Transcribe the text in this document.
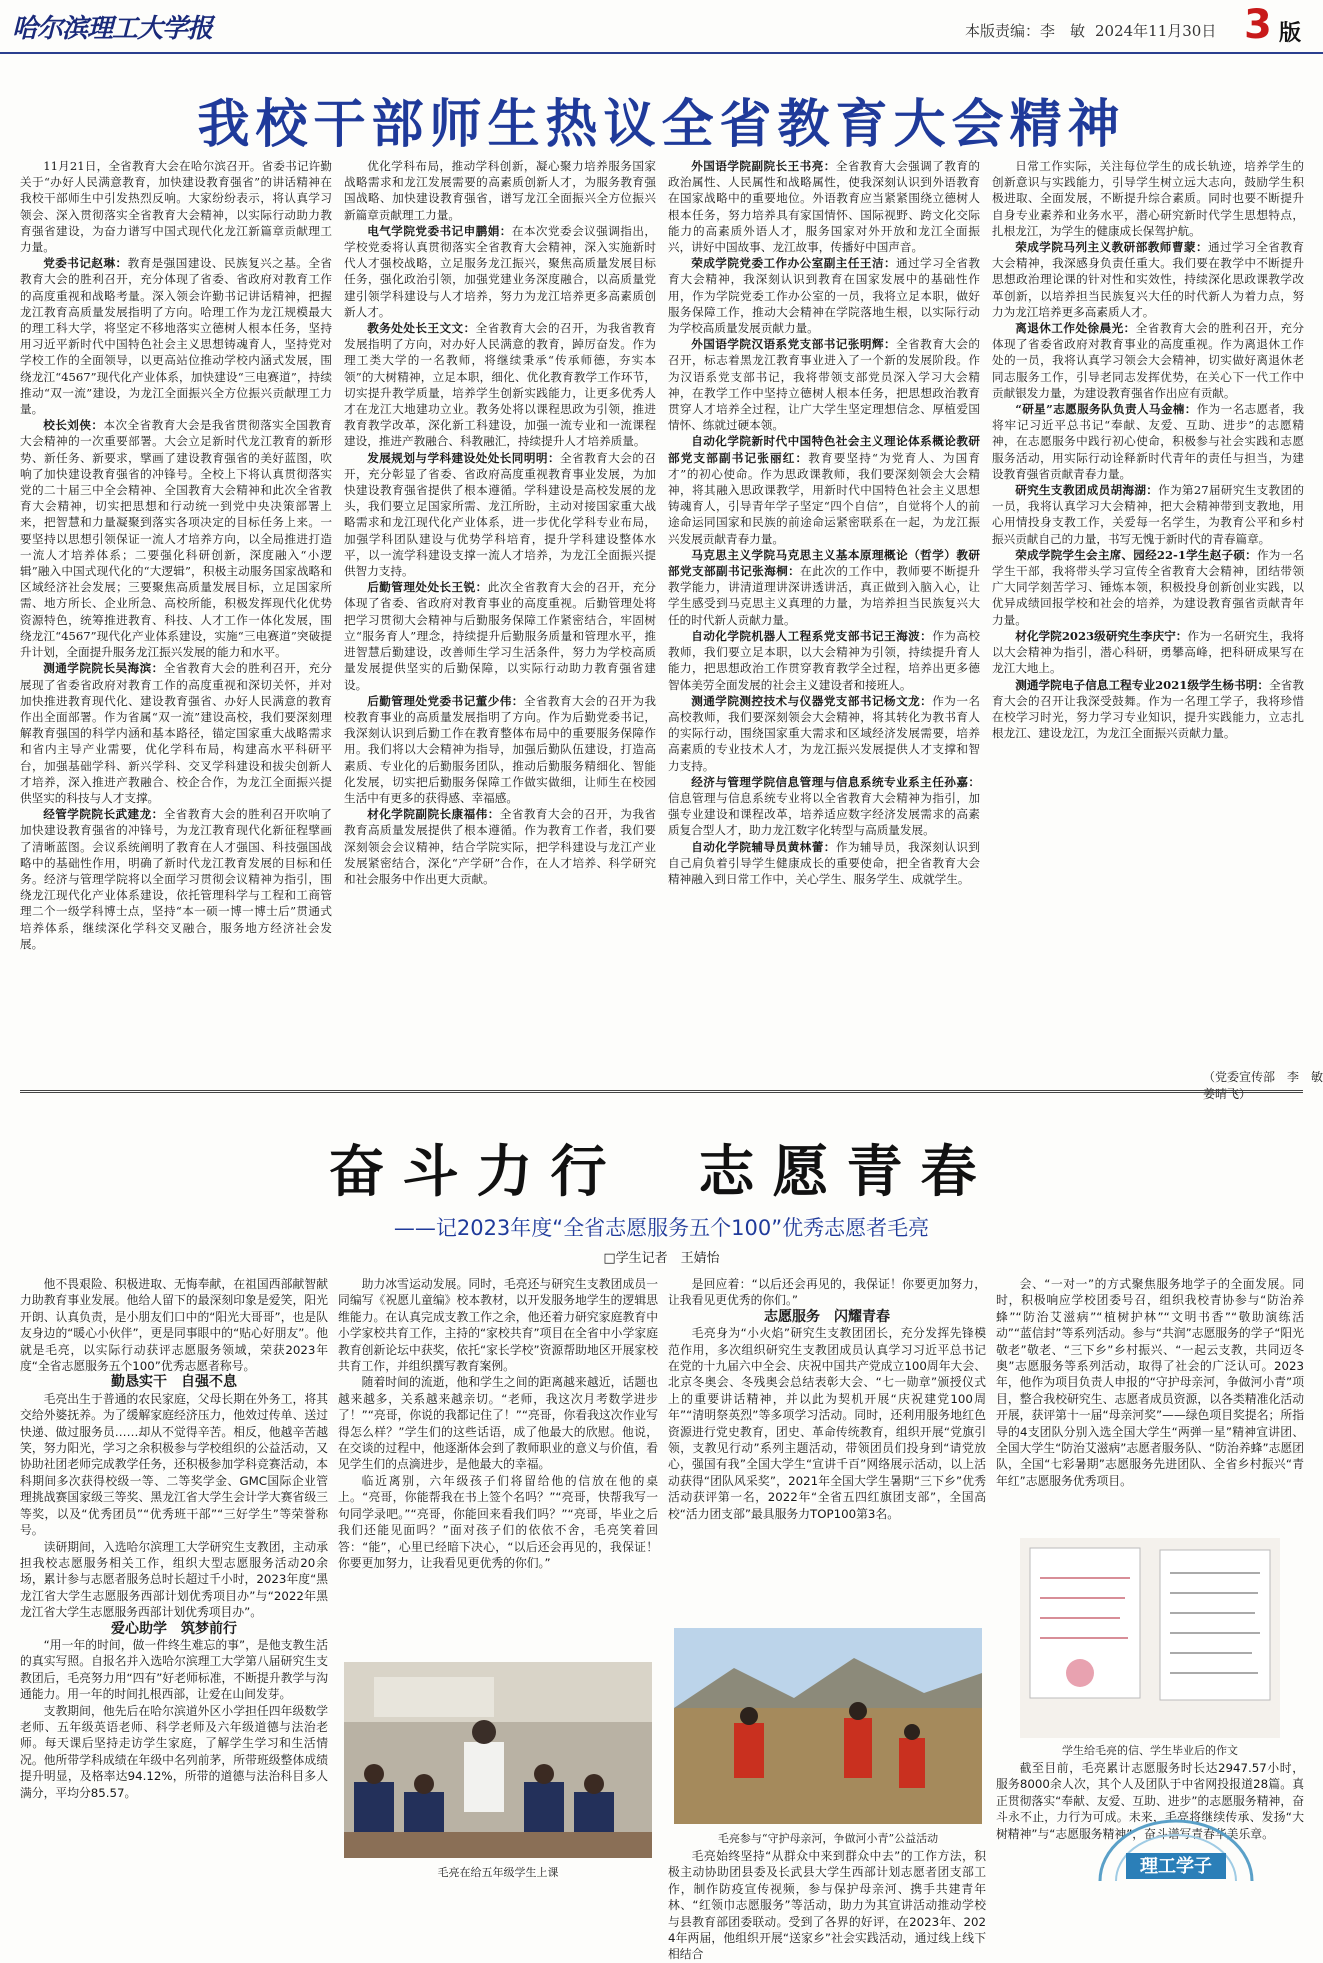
哈尔滨理工大学报	本版责编：李　敏 2024年11月30日 3 版
我校干部师生热议全省教育大会精神

11月21日，全省教育大会在哈尔滨召开。省委书记许勤关于“办好人民满意教育，加快建设教育强省”的讲话精神在我校干部师生中引发热烈反响。大家纷纷表示，将认真学习领会、深入贯彻落实全省教育大会精神，以实际行动助力教育强省建设，为奋力谱写中国式现代化龙江新篇章贡献理工力量。

党委书记赵琳：教育是强国建设、民族复兴之基。全省教育大会的胜利召开，充分体现了省委、省政府对教育工作的高度重视和战略考量。深入领会许勤书记讲话精神，把握龙江教育高质量发展指明了方向。哈理工作为龙江规模最大的理工科大学，将坚定不移地落实立德树人根本任务，坚持用习近平新时代中国特色社会主义思想铸魂育人，坚持党对学校工作的全面领导，以更高站位推动学校内涵式发展，围绕龙江“4567”现代化产业体系，加快建设“三电赛道”，持续推动“双一流”建设，为龙江全面振兴全方位振兴贡献理工力量。

校长刘侠：本次全省教育大会是我省贯彻落实全国教育大会精神的一次重要部署。大会立足新时代龙江教育的新形势、新任务、新要求，擘画了建设教育强省的美好蓝图，吹响了加快建设教育强省的冲锋号。全校上下将认真贯彻落实党的二十届三中全会精神、全国教育大会精神和此次全省教育大会精神，切实把思想和行动统一到党中央决策部署上来，把智慧和力量凝聚到落实各项决定的目标任务上来。一要坚持以思想引领保证一流人才培养方向，以全局推进打造一流人才培养体系；二要强化科研创新，深度融入“小逻辑”融入中国式现代化的“大逻辑”，积极主动服务国家战略和区域经济社会发展；三要聚焦高质量发展目标，立足国家所需、地方所长、企业所急、高校所能，积极发挥现代化优势资源特色，统筹推进教育、科技、人才工作一体化发展，围绕龙江“4567”现代化产业体系建设，实施“三电赛道”突破提升计划，全面提升服务龙江振兴发展的能力和水平。

测通学院院长吴海滨：全省教育大会的胜利召开，充分展现了省委省政府对教育工作的高度重视和深切关怀，并对加快推进教育现代化、建设教育强省、办好人民满意的教育作出全面部署。作为省属“双一流”建设高校，我们要深刻理解教育强国的科学内涵和基本路径，锚定国家重大战略需求和省内主导产业需要，优化学科布局，构建高水平科研平台，加强基础学科、新兴学科、交叉学科建设和拔尖创新人才培养，深入推进产教融合、校企合作，为龙江全面振兴提供坚实的科技与人才支撑。

经管学院院长武建龙：全省教育大会的胜利召开吹响了加快建设教育强省的冲锋号，为龙江教育现代化新征程擘画了清晰蓝图。会议系统阐明了教育在人才强国、科技强国战略中的基础性作用，明确了新时代龙江教育发展的目标和任务。经济与管理学院将以全面学习贯彻会议精神为指引，围绕龙江现代化产业体系建设，依托管理科学与工程和工商管理二个一级学科博士点，坚持“本一硕一博一博士后”贯通式培养体系，继续深化学科交叉融合，服务地方经济社会发展。

优化学科布局，推动学科创新，凝心聚力培养服务国家战略需求和龙江发展需要的高素质创新人才，为服务教育强国战略、加快建设教育强省，谱写龙江全面振兴全方位振兴新篇章贡献理工力量。

电气学院党委书记申鹏娟：在本次党委会议强调指出，学校党委将认真贯彻落实全省教育大会精神，深入实施新时代人才强校战略，立足服务龙江振兴，聚焦高质量发展目标任务，强化政治引领，加强党建业务深度融合，以高质量党建引领学科建设与人才培养，努力为龙江培养更多高素质创新人才。

教务处处长王文文：全省教育大会的召开，为我省教育发展指明了方向，对办好人民满意的教育，踔厉奋发。作为理工类大学的一名教师，将继续秉承“传承师德，夯实本领”的大树精神，立足本职，细化、优化教育教学工作环节，切实提升教学质量，培养学生创新实践能力，让更多优秀人才在龙江大地建功立业。教务处将以课程思政为引领，推进教育教学改革，深化新工科建设，加强一流专业和一流课程建设，推进产教融合、科教融汇，持续提升人才培养质量。

发展规划与学科建设处处长同明明：全省教育大会的召开，充分彰显了省委、省政府高度重视教育事业发展，为加快建设教育强省提供了根本遵循。学科建设是高校发展的龙头，我们要立足国家所需、龙江所盼，主动对接国家重大战略需求和龙江现代化产业体系，进一步优化学科专业布局，加强学科团队建设与优势学科培育，提升学科建设整体水平，以一流学科建设支撑一流人才培养，为龙江全面振兴提供智力支持。

后勤管理处处长王锐：此次全省教育大会的召开，充分体现了省委、省政府对教育事业的高度重视。后勤管理处将把学习贯彻大会精神与后勤服务保障工作紧密结合，牢固树立“服务育人”理念，持续提升后勤服务质量和管理水平，推进智慧后勤建设，改善师生学习生活条件，努力为学校高质量发展提供坚实的后勤保障，以实际行动助力教育强省建设。

后勤管理处党委书记董少伟：全省教育大会的召开为我校教育事业的高质量发展指明了方向。作为后勤党委书记，我深刻认识到后勤工作在教育整体布局中的重要服务保障作用。我们将以大会精神为指导，加强后勤队伍建设，打造高素质、专业化的后勤服务团队，推动后勤服务精细化、智能化发展，切实把后勤服务保障工作做实做细，让师生在校园生活中有更多的获得感、幸福感。

材化学院副院长康福伟：全省教育大会的召开，为我省教育高质量发展提供了根本遵循。作为教育工作者，我们要深刻领会会议精神，结合学院实际，把学科建设与龙江产业发展紧密结合，深化“产学研”合作，在人才培养、科学研究和社会服务中作出更大贡献。

外国语学院副院长王书亮：全省教育大会强调了教育的政治属性、人民属性和战略属性，使我深刻认识到外语教育在国家战略中的重要地位。外语教育应当紧紧围绕立德树人根本任务，努力培养具有家国情怀、国际视野、跨文化交际能力的高素质外语人才，服务国家对外开放和龙江全面振兴，讲好中国故事、龙江故事，传播好中国声音。

荣成学院党委工作办公室副主任王洁：通过学习全省教育大会精神，我深刻认识到教育在国家发展中的基础性作用，作为学院党委工作办公室的一员，我将立足本职，做好服务保障工作，推动大会精神在学院落地生根，以实际行动为学校高质量发展贡献力量。

外国语学院汉语系党支部书记张明辉：全省教育大会的召开，标志着黑龙江教育事业进入了一个新的发展阶段。作为汉语系党支部书记，我将带领支部党员深入学习大会精神，在教学工作中坚持立德树人根本任务，把思想政治教育贯穿人才培养全过程，让广大学生坚定理想信念、厚植爱国情怀、练就过硬本领。

自动化学院新时代中国特色社会主义理论体系概论教研部党支部副书记张丽红：教育要坚持“为党育人、为国育才”的初心使命。作为思政课教师，我们要深刻领会大会精神，将其融入思政课教学，用新时代中国特色社会主义思想铸魂育人，引导青年学子坚定“四个自信”，自觉将个人的前途命运同国家和民族的前途命运紧密联系在一起，为龙江振兴发展贡献青春力量。

马克思主义学院马克思主义基本原理概论（哲学）教研部党支部副书记张海桐：在此次的工作中，教师要不断提升教学能力，讲清道理讲深讲透讲活，真正做到入脑入心，让学生感受到马克思主义真理的力量，为培养担当民族复兴大任的时代新人贡献力量。

自动化学院机器人工程系党支部书记王海波：作为高校教师，我们要立足本职，以大会精神为引领，持续提升育人能力，把思想政治工作贯穿教育教学全过程，培养出更多德智体美劳全面发展的社会主义建设者和接班人。

测通学院测控技术与仪器党支部书记杨文龙：作为一名高校教师，我们要深刻领会大会精神，将其转化为教书育人的实际行动，围绕国家重大需求和区域经济发展需要，培养高素质的专业技术人才，为龙江振兴发展提供人才支撑和智力支持。

经济与管理学院信息管理与信息系统专业系主任孙嘉：信息管理与信息系统专业将以全省教育大会精神为指引，加强专业建设和课程改革，培养适应数字经济发展需求的高素质复合型人才，助力龙江数字化转型与高质量发展。

自动化学院辅导员黄林蕾：作为辅导员，我深刻认识到自己肩负着引导学生健康成长的重要使命，把全省教育大会精神融入到日常工作中，关心学生、服务学生、成就学生。

日常工作实际，关注每位学生的成长轨迹，培养学生的创新意识与实践能力，引导学生树立远大志向，鼓励学生积极进取、全面发展，不断提升综合素质。同时也要不断提升自身专业素养和业务水平，潜心研究新时代学生思想特点，扎根龙江，为学生的健康成长保驾护航。

荣成学院马列主义教研部教师曹蒙：通过学习全省教育大会精神，我深感身负责任重大。我们要在教学中不断提升思想政治理论课的针对性和实效性，持续深化思政课教学改革创新，以培养担当民族复兴大任的时代新人为着力点，努力为龙江培养更多高素质人才。

离退休工作处徐晨光：全省教育大会的胜利召开，充分体现了省委省政府对教育事业的高度重视。作为离退休工作处的一员，我将认真学习领会大会精神，切实做好离退休老同志服务工作，引导老同志发挥优势，在关心下一代工作中贡献银发力量，为建设教育强省作出应有贡献。

“研星”志愿服务队负责人马金楠：作为一名志愿者，我将牢记习近平总书记“奉献、友爱、互助、进步”的志愿精神，在志愿服务中践行初心使命，积极参与社会实践和志愿服务活动，用实际行动诠释新时代青年的责任与担当，为建设教育强省贡献青春力量。

研究生支教团成员胡海湖：作为第27届研究生支教团的一员，我将认真学习大会精神，把大会精神带到支教地，用心用情投身支教工作，关爱每一名学生，为教育公平和乡村振兴贡献自己的力量，书写无愧于新时代的青春篇章。

荣成学院学生会主席、园经22-1学生赵子硕：作为一名学生干部，我将带头学习宣传全省教育大会精神，团结带领广大同学刻苦学习、锤炼本领，积极投身创新创业实践，以优异成绩回报学校和社会的培养，为建设教育强省贡献青年力量。

材化学院2023级研究生李庆宁：作为一名研究生，我将以大会精神为指引，潜心科研，勇攀高峰，把科研成果写在龙江大地上。

测通学院电子信息工程专业2021级学生杨书明：全省教育大会的召开让我深受鼓舞。作为一名理工学子，我将珍惜在校学习时光，努力学习专业知识，提升实践能力，立志扎根龙江、建设龙江，为龙江全面振兴贡献力量。

（党委宣传部　李　敏　姜晴飞）
奋斗力行　志愿青春
——记2023年度“全省志愿服务五个100”优秀志愿者毛亮
□学生记者　王婧怡

他不畏艰险、积极进取、无悔奉献，在祖国西部献智献力助教育事业发展。他给人留下的最深刻印象是爱笑，阳光开朗、认真负责，是小朋友们口中的“阳光大哥哥”，也是队友身边的“暖心小伙伴”，更是同事眼中的“贴心好朋友”。他就是毛亮，以实际行动获评志愿服务领域，荣获2023年度“全省志愿服务五个100”优秀志愿者称号。

勤恳实干　自强不息

毛亮出生于普通的农民家庭，父母长期在外务工，将其交给外婆抚养。为了缓解家庭经济压力，他效过传单、送过快递、做过服务员……却从不觉得辛苦。相反，他越辛苦越笑，努力阳光，学习之余积极参与学校组织的公益活动，又协助社团老师完成教学任务，还积极参加学科竞赛活动，本科期间多次获得校级一等、二等奖学金、GMC国际企业管理挑战赛国家级三等奖、黑龙江省大学生会计学大赛省级三等奖，以及“优秀团员”“优秀班干部”“三好学生”等荣誉称号。

读研期间，入选哈尔滨理工大学研究生支教团，主动承担我校志愿服务相关工作，组织大型志愿服务活动20余场，累计参与志愿者服务总时长超过千小时，2023年度“黑龙江省大学生志愿服务西部计划优秀项目办”与“2022年黑龙江省大学生志愿服务西部计划优秀项目办”。

爱心助学　筑梦前行

“用一年的时间，做一件终生难忘的事”，是他支教生活的真实写照。自报名并入选哈尔滨理工大学第八届研究生支教团后，毛亮努力用“四有”好老师标准，不断提升教学与沟通能力。用一年的时间扎根西部，让爱在山间发芽。

支教期间，他先后在哈尔滨道外区小学担任四年级数学老师、五年级英语老师、科学老师及六年级道德与法治老师。每天课后坚持走访学生家庭，了解学生学习和生活情况。他所带学科成绩在年级中名列前茅，所带班级整体成绩提升明显，及格率达94.12%，所带的道德与法治科目多人满分，平均分85.57。

助力冰雪运动发展。同时，毛亮还与研究生支教团成员一同编写《祝愿儿童编》校本教材，以开发服务地学生的逻辑思维能力。在认真完成支教工作之余，他还着力研究家庭教育中小学家校共育工作，主持的“家校共育”项目在全省中小学家庭教育创新论坛中获奖，依托“家长学校”资源帮助地区开展家校共育工作，并组织撰写教育案例。

随着时间的流逝，他和学生之间的距离越来越近，话题也越来越多，关系越来越亲切。“老师，我这次月考数学进步了！”“亮哥，你说的我都记住了！”“亮哥，你看我这次作业写得怎么样？”学生们的这些话语，成了他最大的欣慰。他说，在交谈的过程中，他逐渐体会到了教师职业的意义与价值，看见学生们的点滴进步，是他最大的幸福。

临近离别，六年级孩子们将留给他的信放在他的桌上。“亮哥，你能帮我在书上签个名吗？”“亮哥，快帮我写一句同学录吧。”“亮哥，你能回来看我们吗？”“亮哥，毕业之后我们还能见面吗？”面对孩子们的依依不舍，毛亮笑着回答：“能”，心里已经暗下决心，“以后还会再见的，我保证！你要更加努力，让我看见更优秀的你们。”

毛亮在给五年级学生上课

是回应着：“以后还会再见的，我保证！你要更加努力，让我看见更优秀的你们。”

志愿服务　闪耀青春

毛亮身为“小火焰”研究生支教团团长，充分发挥先锋模范作用，多次组织研究生支教团成员认真学习习近平总书记在党的十九届六中全会、庆祝中国共产党成立100周年大会、北京冬奥会、冬残奥会总结表彰大会、“七一勋章”颁授仪式上的重要讲话精神，并以此为契机开展“庆祝建党100周年”“清明祭英烈”等多项学习活动。同时，还利用服务地红色资源进行党史教育，团史、革命传统教育，组织开展“党旗引领，支教见行动”系列主题活动，带领团员们投身到“请党放心，强国有我”全国大学生“宣讲千百”网络展示活动，以上活动获得“团队风采奖”，2021年全国大学生暑期“三下乡”优秀活动获评第一名，2022年“全省五四红旗团支部”，全国高校“活力团支部”最具服务力TOP100第3名。

毛亮参与“守护母亲河，争做河小青”公益活动

毛亮始终坚持“从群众中来到群众中去”的工作方法，积极主动协助团县委及长武县大学生西部计划志愿者团支部工作，制作防疫宣传视频，参与保护母亲河、携手共建青年林、“红领巾志愿服务”等活动，助力为其宣讲活动推动学校与县教育部团委联动。受到了各界的好评，在2023年、2024年两届，他组织开展“送家乡”社会实践活动，通过线上线下相结合

会、“一对一”的方式聚焦服务地学子的全面发展。同时，积极响应学校团委号召，组织我校青协参与“防治养蜂”“防治艾滋病”“植树护林”“文明书香”“敬助演练活动”“蓝信封”等系列活动。参与“共润”志愿服务的学子“阳光敬老”敬老、“三下乡”乡村振兴、“一起云支教，共同迈冬奥”志愿服务等系列活动，取得了社会的广泛认可。2023年，他作为项目负责人申报的“守护母亲河，争做河小青”项目，整合我校研究生、志愿者成员资源，以各类精准化活动开展，获评第十一届“母亲河奖”——绿色项目奖提名；所指导的4支团队分别入选全国大学生“两弹一星”精神宣讲团、全国大学生“防治艾滋病”志愿者服务队、“防治养蜂”志愿团队，全国“七彩暑期”志愿服务先进团队、全省乡村振兴“青年红”志愿服务优秀项目。

学生给毛亮的信、学生毕业后的作文

截至目前，毛亮累计志愿服务时长达2947.57小时，服务8000余人次，其个人及团队于中省网投报道28篇。真正贯彻落实“奉献、友爱、互助、进步”的志愿服务精神，奋斗永不止，力行为可成。未来，毛亮将继续传承、发扬“大树精神”与“志愿服务精神”，奋斗谱写青春华美乐章。

理工学子
